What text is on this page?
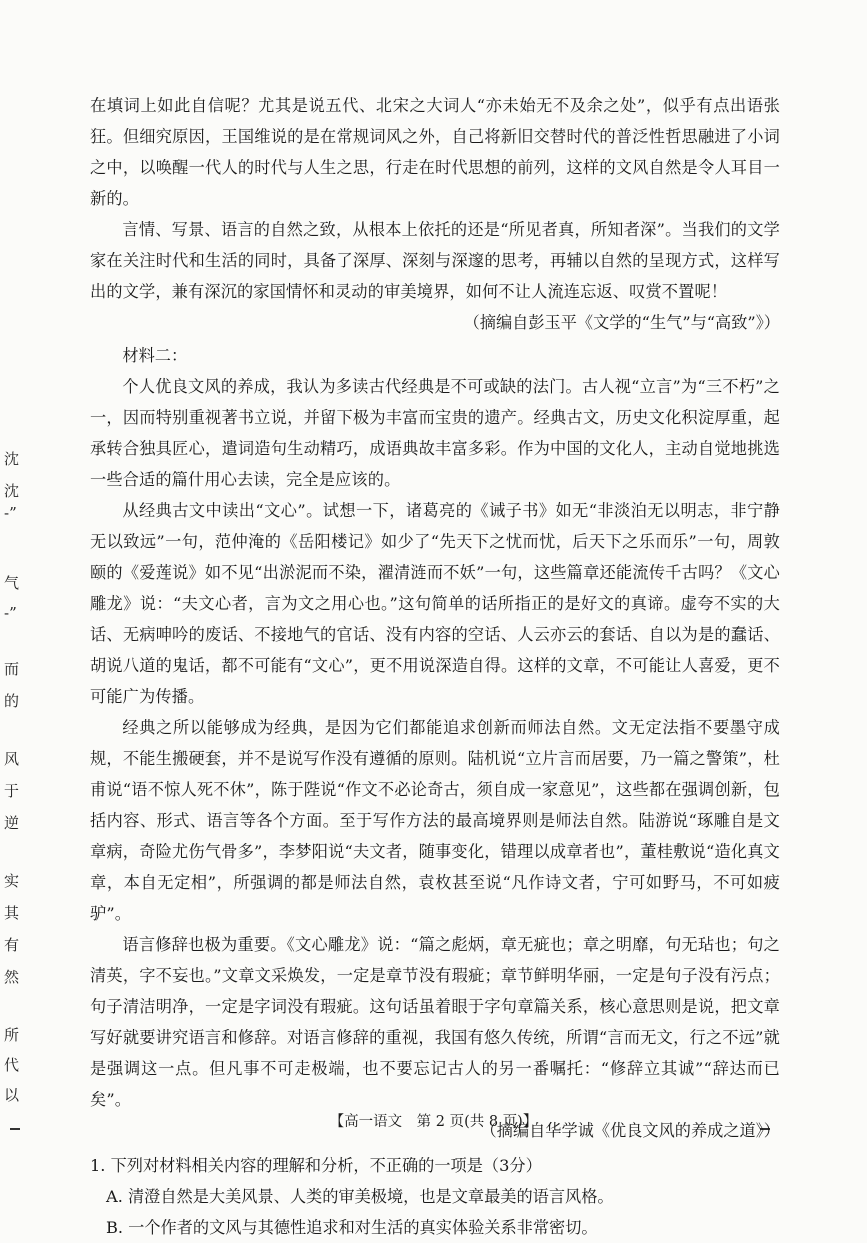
沈
沈
-”
气
-”
而
的
风
于
逆
实
其
有
然
所
代
以

在填词上如此自信呢？尤其是说五代、北宋之大词人“亦未始无不及余之处”，似乎有点出语张狂。但细究原因，王国维说的是在常规词风之外，自己将新旧交替时代的普泛性哲思融进了小词之中，以唤醒一代人的时代与人生之思，行走在时代思想的前列，这样的文风自然是令人耳目一新的。

言情、写景、语言的自然之致，从根本上依托的还是“所见者真，所知者深”。当我们的文学家在关注时代和生活的同时，具备了深厚、深刻与深邃的思考，再辅以自然的呈现方式，这样写出的文学，兼有深沉的家国情怀和灵动的审美境界，如何不让人流连忘返、叹赏不置呢！

（摘编自彭玉平《文学的“生气”与“高致”》）

材料二：

个人优良文风的养成，我认为多读古代经典是不可或缺的法门。古人视“立言”为“三不朽”之一，因而特别重视著书立说，并留下极为丰富而宝贵的遗产。经典古文，历史文化积淀厚重，起承转合独具匠心，遣词造句生动精巧，成语典故丰富多彩。作为中国的文化人，主动自觉地挑选一些合适的篇什用心去读，完全是应该的。

从经典古文中读出“文心”。试想一下，诸葛亮的《诫子书》如无“非淡泊无以明志，非宁静无以致远”一句，范仲淹的《岳阳楼记》如少了“先天下之忧而忧，后天下之乐而乐”一句，周敦颐的《爱莲说》如不见“出淤泥而不染，濯清涟而不妖”一句，这些篇章还能流传千古吗？《文心雕龙》说：“夫文心者，言为文之用心也。”这句简单的话所指正的是好文的真谛。虚夸不实的大话、无病呻吟的废话、不接地气的官话、没有内容的空话、人云亦云的套话、自以为是的蠢话、胡说八道的鬼话，都不可能有“文心”，更不用说深造自得。这样的文章，不可能让人喜爱，更不可能广为传播。

经典之所以能够成为经典，是因为它们都能追求创新而师法自然。文无定法指不要墨守成规，不能生搬硬套，并不是说写作没有遵循的原则。陆机说“立片言而居要，乃一篇之警策”，杜甫说“语不惊人死不休”，陈于陛说“作文不必论奇古，须自成一家意见”，这些都在强调创新，包括内容、形式、语言等各个方面。至于写作方法的最高境界则是师法自然。陆游说“琢雕自是文章病，奇险尤伤气骨多”，李梦阳说“夫文者，随事变化，错理以成章者也”，董桂敷说“造化真文章，本自无定相”，所强调的都是师法自然，袁枚甚至说“凡作诗文者，宁可如野马，不可如疲驴”。

语言修辞也极为重要。《文心雕龙》说：“篇之彪炳，章无疵也；章之明靡，句无玷也；句之清英，字不妄也。”文章文采焕发，一定是章节没有瑕疵；章节鲜明华丽，一定是句子没有污点；句子清洁明净，一定是字词没有瑕疵。这句话虽着眼于字句章篇关系，核心意思则是说，把文章写好就要讲究语言和修辞。对语言修辞的重视，我国有悠久传统，所谓“言而无文，行之不远”就是强调这一点。但凡事不可走极端，也不要忘记古人的另一番嘱托：“修辞立其诚”“辞达而已矣”。

（摘编自华学诚《优良文风的养成之道》）

1. 下列对材料相关内容的理解和分析，不正确的一项是（3分）

A. 清澄自然是大美风景、人类的审美极境，也是文章最美的语言风格。

B. 一个作者的文风与其德性追求和对生活的真实体验关系非常密切。

【高一语文　第 2 页(共 8 页)】
